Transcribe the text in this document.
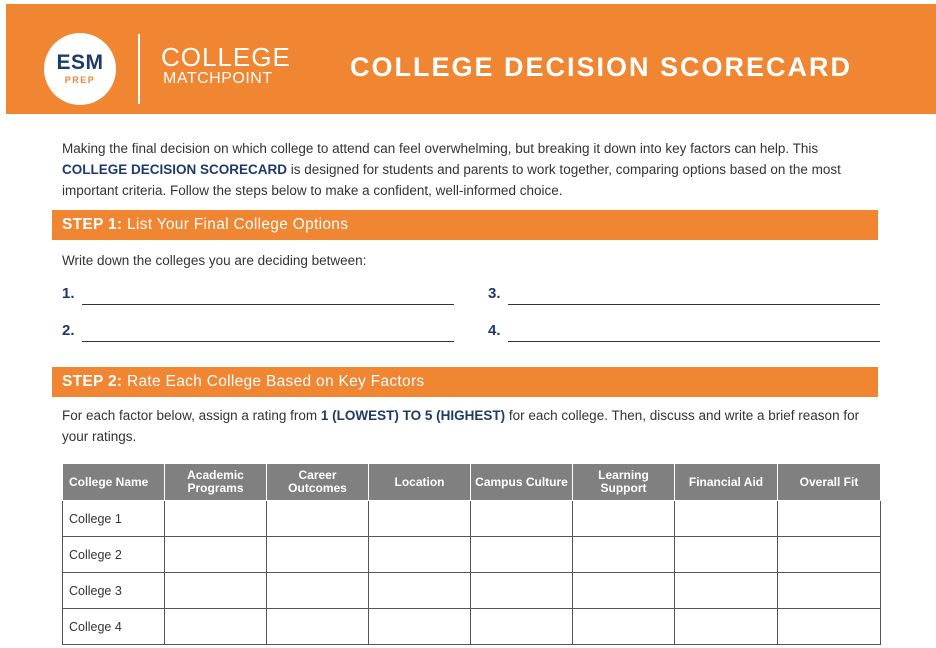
ESM
PREP
COLLEGE
MATCHPOINT	COLLEGE DECISION SCORECARD
Making the final decision on which college to attend can feel overwhelming, but breaking it down into key factors can help. This COLLEGE DECISION SCORECARD is designed for students and parents to work together, comparing options based on the most important criteria. Follow the steps below to make a confident, well-informed choice.
STEP 1: List Your Final College Options
Write down the colleges you are deciding between:
1.	3.
2.	4.
STEP 2: Rate Each College Based on Key Factors
For each factor below, assign a rating from 1 (LOWEST) TO 5 (HIGHEST) for each college. Then, discuss and write a brief reason for your ratings.
College Name	Academic Programs	Career Outcomes	Location	Campus Culture	Learning Support	Financial Aid	Overall Fit
College 1							
College 2							
College 3							
College 4							
